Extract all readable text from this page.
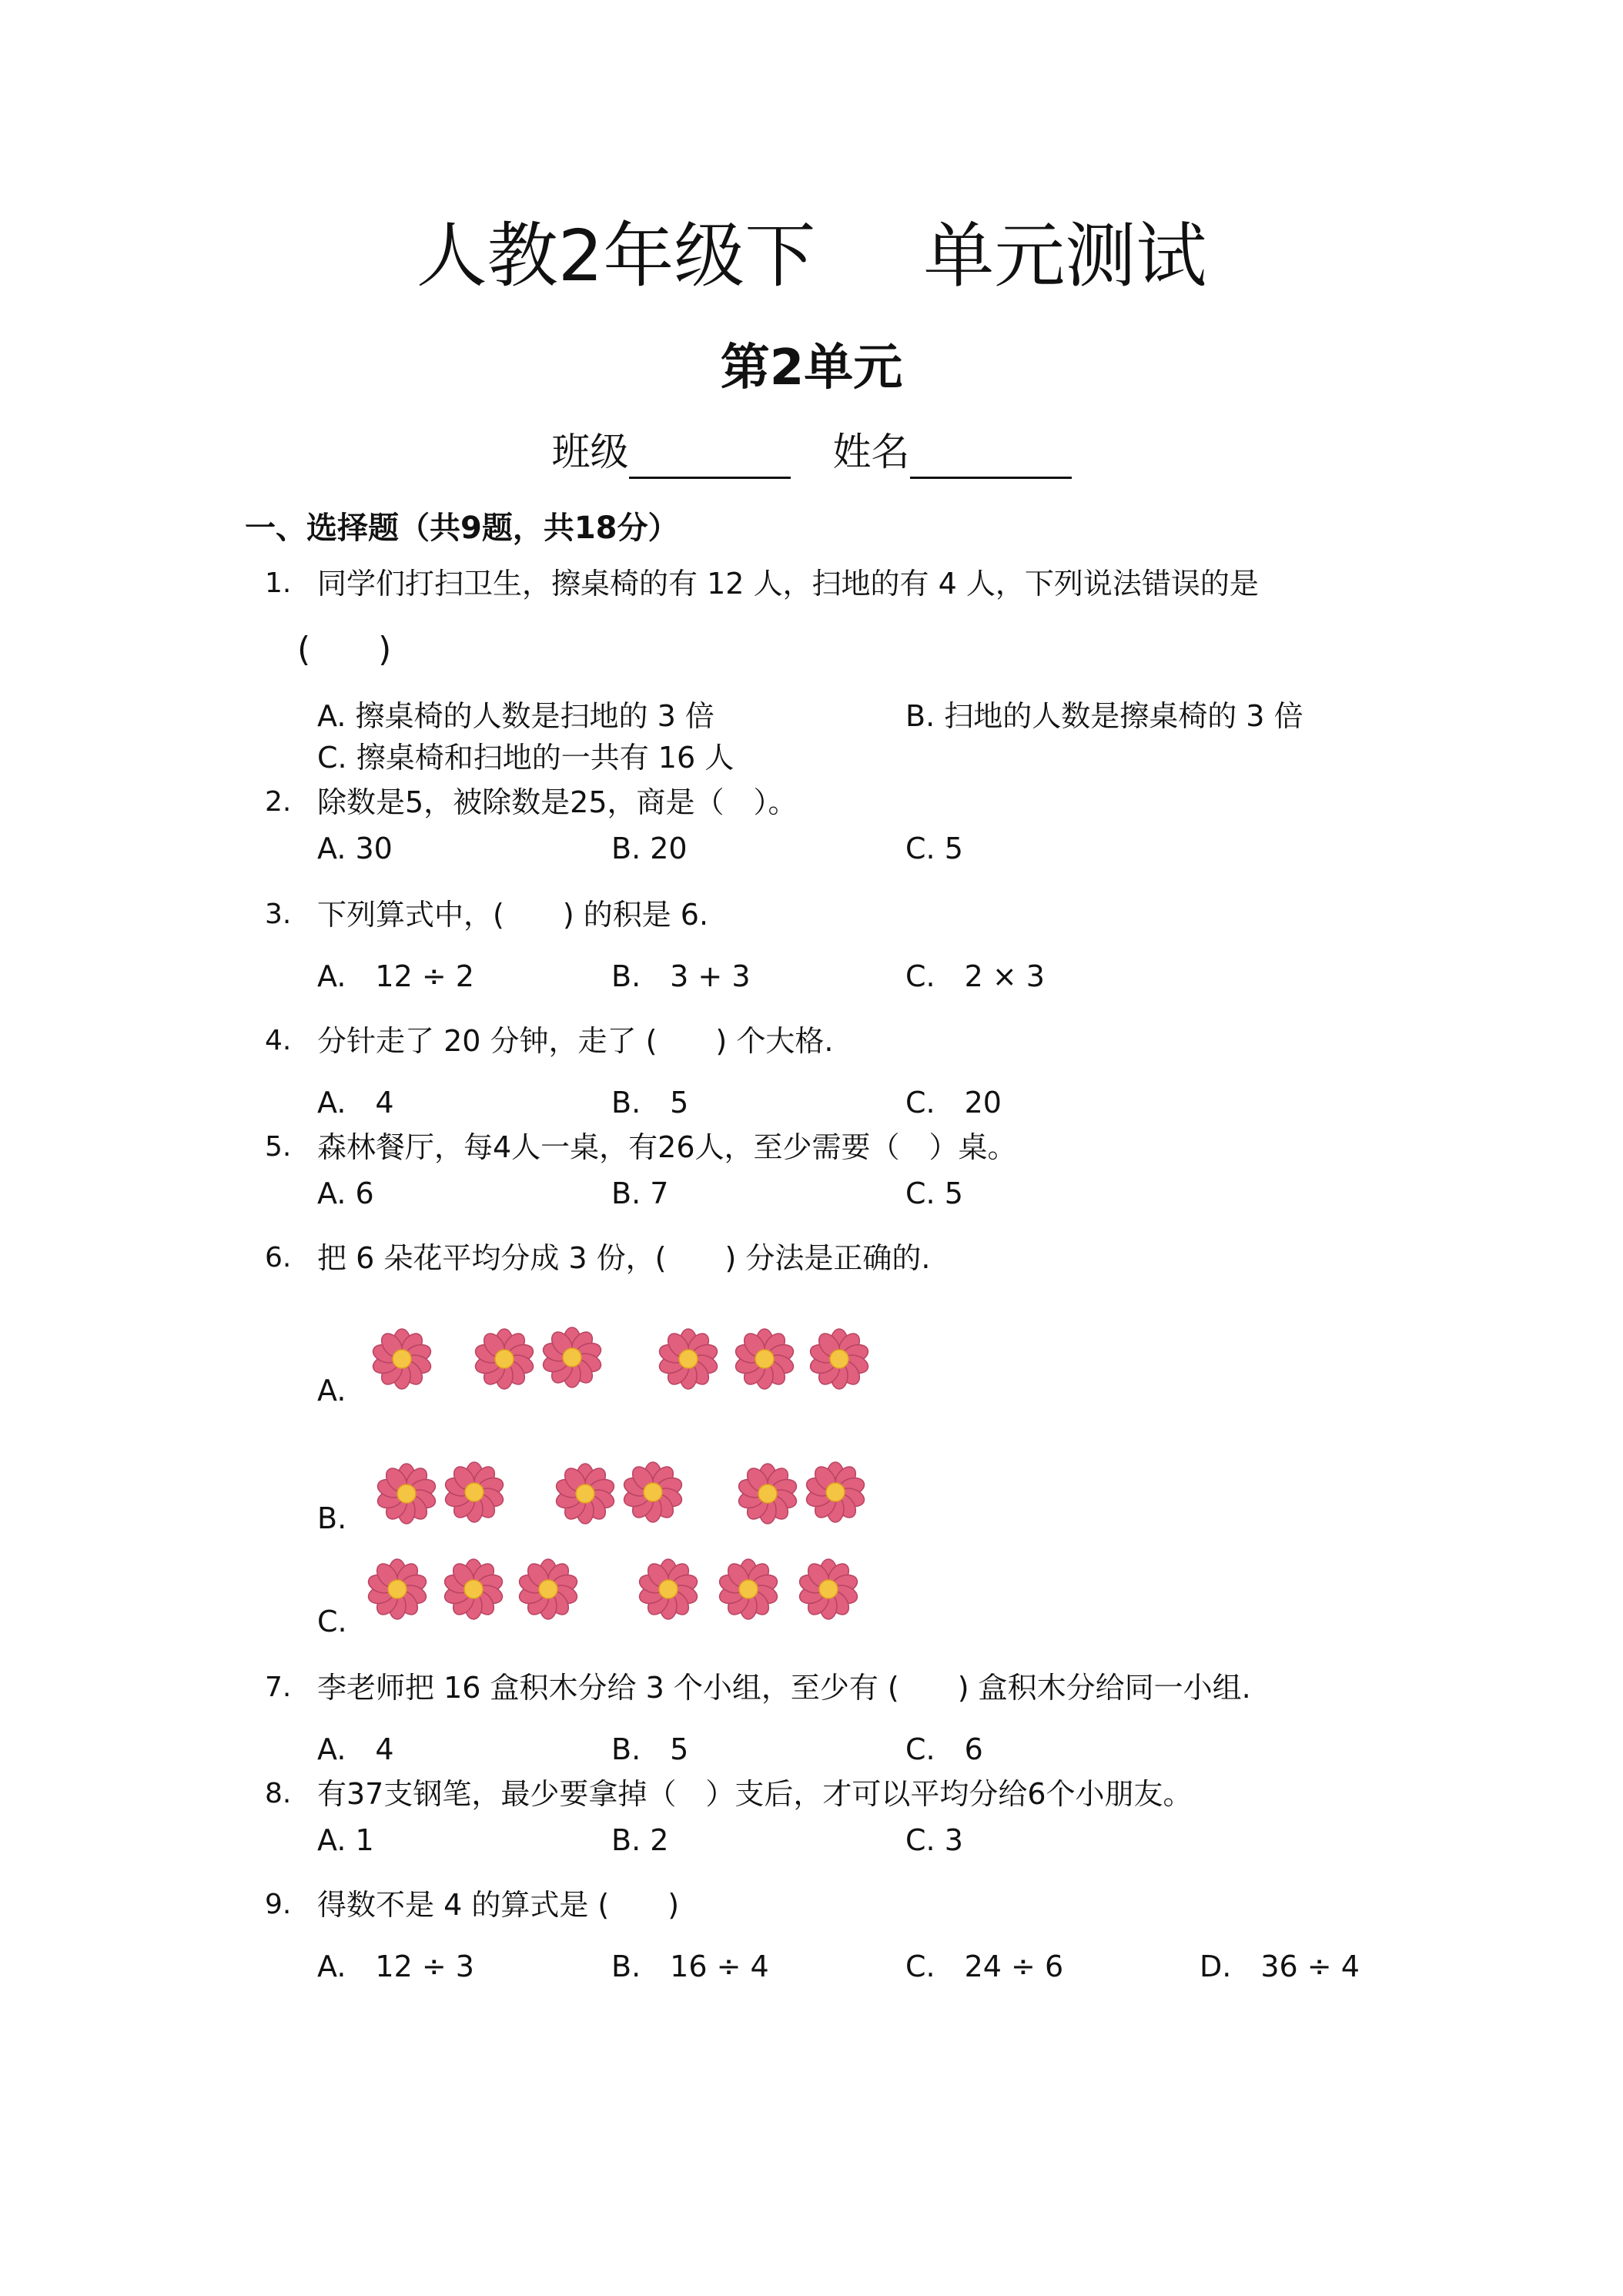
人教2年级下 单元测试
第2单元
班级	姓名
一、选择题（共9题，共18分）
1. 同学们打扫卫生，擦桌椅的有 12 人，扫地的有 4 人，下列说法错误的是
(　　)
A. 擦桌椅的人数是扫地的 3 倍	B. 扫地的人数是擦桌椅的 3 倍
C. 擦桌椅和扫地的一共有 16 人
2. 除数是5，被除数是25，商是（　）。
A. 30	B. 20	C. 5
3. 下列算式中，(　　) 的积是 6.
A.　12 ÷ 2	B.　3 + 3	C.　2 × 3
4. 分针走了 20 分钟，走了 (　　) 个大格.
A.　4	B.　5	C.　20
5. 森林餐厅，每4人一桌，有26人，至少需要（　）桌。
A. 6	B. 7	C. 5
6. 把 6 朵花平均分成 3 份，(　　) 分法是正确的.
A.
B.
C.
7. 李老师把 16 盒积木分给 3 个小组，至少有 (　　) 盒积木分给同一小组.
A.　4	B.　5	C.　6
8. 有37支钢笔，最少要拿掉（　）支后，才可以平均分给6个小朋友。
A. 1	B. 2	C. 3
9. 得数不是 4 的算式是 (　　)
A.　12 ÷ 3	B.　16 ÷ 4	C.　24 ÷ 6	D.　36 ÷ 4
